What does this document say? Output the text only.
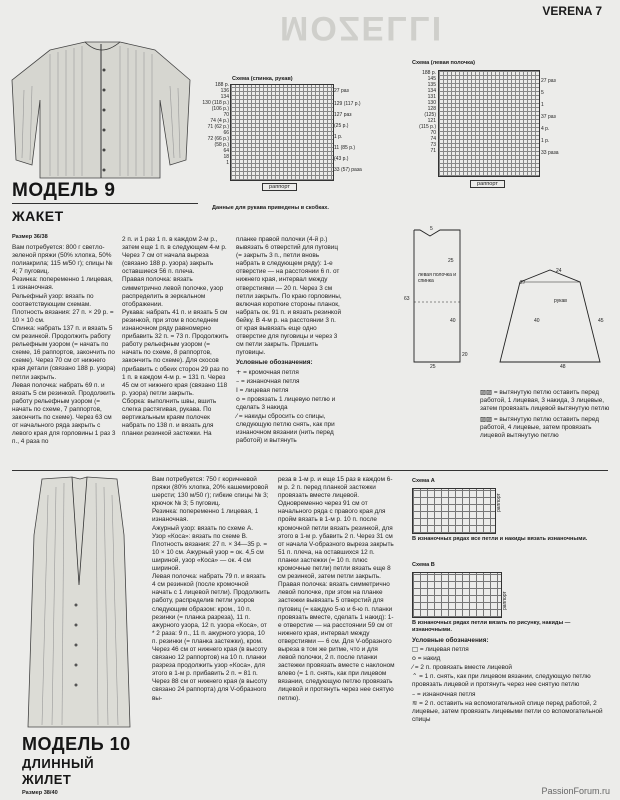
MOZELLI	VERENA 7
Схема (спинка, рукав)
188 р.
136
134
130 (118 р.)
(106 р.)
70
74 (4 р.)
71 (62 р.)
66
72 (66 р.)
(58 р.)
64
18
1
27 раз
129 (117 р.)
127 раз
(25 р.)
1 р.
11 (85 р.)
(43 р.)
33 (57) раза
раппорт
Данные для рукава приведены в скобках.
Схема (левая полочка)
188 р.
145
135
134
131
130
128
(125)
121
(115 р.)
70
74
73
71
27 раз
5
1
37 раз
4 р.
1 р.
33 раза
раппорт
МОДЕЛЬ 9
ЖАКЕТ
Размер 36/38

Вам потребуется: 800 г светло-зеленой пряжи (50% хлопка, 50% полиакрила; 115 м/50 г); спицы № 4; 7 пуговиц.

Резинка: попеременно 1 лицевая, 1 изнаночная.

Рельефный узор: вязать по соответствующим схемам.

Плотность вязания: 27 п. × 29 р. = 10 × 10 см.

Спинка: набрать 137 п. и вязать 5 см резинкой. Продолжить работу рельефным узором (= начать по схеме, 16 раппортов, закончить по схеме). Через 70 см от нижнего края детали (связано 188 р. узора) петли закрыть.

Левая полочка: набрать 69 п. и вязать 5 см резинкой. Продолжить работу рельефным узором (= начать по схеме, 7 раппортов, закончить по схеме). Через 63 см от начального ряда закрыть с левого края для горловины 1 раз 3 п., 4 раза по

2 п. и 1 раз 1 п. в каждом 2-м р., затем еще 1 п. в следующем 4-м р. Через 7 см от начала выреза (связано 188 р. узора) закрыть оставшиеся 56 п. плеча.

Правая полочка: вязать симметрично левой полочке, узор распределить в зеркальном отображении.

Рукава: набрать 41 п. и вязать 5 см резинкой, при этом в последнем изнаночном ряду равномерно прибавить 32 п. = 73 п. Продолжить работу рельефным узором (= начать по схеме, 8 раппортов, закончить по схеме). Для скосов прибавить с обеих сторон 29 раз по 1 п. в каждом 4-м р. = 131 п. Через 45 см от нижнего края (связано 118 р. узора) петли закрыть.

Сборка: выполнить швы, вшить слегка растягивая, рукава. По вертикальным краям полочек набрать по 138 п. и вязать для планки резинкой застежки. На

планке правой полочки (4-й р.) вывязать 6 отверстий для пуговиц (= закрыть 3 п., петли вновь набрать в следующем ряду): 1-е отверстие — на расстоянии 6 п. от нижнего края, интервал между отверстиями — 20 п. Через 3 см петли закрыть. По краю горловины, включая короткие стороны планок, набрать ок. 91 п. и вязать резинкой бейку. В 4-м р. на расстоянии 3 п. от края вывязать еще одно отверстие для пуговицы и через 3 см петли закрыть. Пришить пуговицы.

Условные обозначения:

+ = кромочная петля
– = изнаночная петля
I = лицевая петля
o = провязать 1 лицевую петлю и сделать 3 накида
⁄ = накиды сбросить со спицы, следующую петлю снять, как при изнаночном вязании (нить перед работой) и вытянуть
левая полочка и спинка
рукав
5
25
63
40
20
25	48
24
45
40
27
▨▨ = вытянутую петлю оставить перед работой, 1 лицевая, 3 накида, 3 лицевые, затем провязать лицевой вытянутую петлю
▨▨ = вытянутую петлю оставить перед работой, 4 лицевые, затем провязать лицевой вытянутую петлю
МОДЕЛЬ 10
ДЛИННЫЙ
ЖИЛЕТ
Размер 38/40

Вам потребуется: 750 г коричневой пряжи (80% хлопка, 20% кашемировой шерсти; 130 м/50 г); гибкие спицы № 3; крючок № 3; 5 пуговиц.

Резинка: попеременно 1 лицевая, 1 изнаночная.

Ажурный узор: вязать по схеме А.

Узор «Коса»: вязать по схеме В.

Плотность вязания: 27 п. × 34—35 р. = 10 × 10 см. Ажурный узор = ок. 4,5 см шириной, узор «Коса» — ок. 4 см шириной.

Левая полочка: набрать 79 п. и вязать 4 см резинкой (после кромочной начать с 1 лицевой петли). Продолжить работу, распределив петли узоров следующим образом: кром., 10 п. резинки (= планка разреза), 11 п. ажурного узора, 12 п. узора «Коса», от * 2 раза: 9 п., 11 п. ажурного узора, 10 п. резинки (= планка застежки), кром. Через 46 см от нижнего края (в высоту связано 12 раппортов) на 10 п. планки разреза продолжить узор «Коса», для этого в 1-м р. прибавить 2 п. = 81 п. Через 88 см от нижнего края (в высоту связано 24 раппорта) для V-образного вы-

реза в 1-м р. и еще 15 раз в каждом 6-м р. 2 п. перед планкой застежки провязать вместе лицевой. Одновременно через 91 см от начального ряда с правого края для пройм вязать в 1-м р. 10 п. после кромочной петли вязать резинкой, для этого в 1-м р. убавить 2 п. Через 31 см от начала V-образного выреза закрыть 51 п. плеча, на оставшихся 12 п. планки застежки (= 10 п. плюс кромочные петли) петли вязать еще 8 см резинкой, затем петли закрыть.

Правая полочка: вязать симметрично левой полочке, при этом на планке застежки вывязать 5 отверстий для пуговиц (= каждую 5-ю и 6-ю п. планки провязать вместе, сделать 1 накид): 1-е отверстие — на расстоянии 59 см от нижнего края, интервал между отверстиями — 6 см. Для V-образного выреза в том же ритме, что и для левой полочки, 2 п. после планки застежки провязать вместе с наклоном влево (= 1 п. снять, как при лицевом вязании, следующую петлю провязать лицевой и протянуть через нее снятую петлю).

Схема А
раппорт
В изнаночных рядах все петли и накиды вязать изнаночными.
Схема В
раппорт
В изнаночных рядах петли вязать по рисунку, накиды — изнаночными.
Условные обозначения:
□ = лицевая петля
o = накид
⁄ = 2 п. провязать вместе лицевой
⌃ = 1 п. снять, как при лицевом вязании, следующую петлю провязать лицевой и протянуть через нее снятую петлю
– = изнаночная петля
≋ = 2 п. оставить на вспомогательной спице перед работой, 2 лицевые, затем провязать лицевыми петли со вспомогательной спицы
PassionForum.ru
